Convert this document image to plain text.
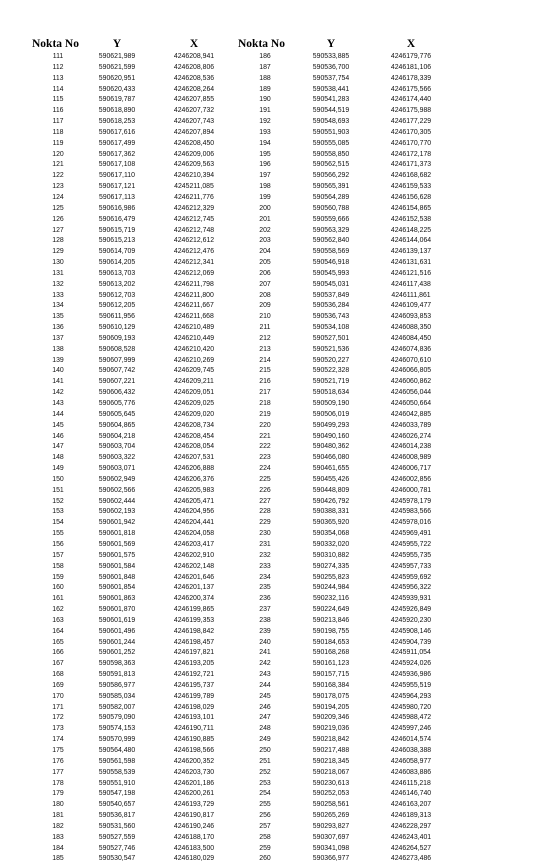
Nokta No	Y	X
111	590621,989	4246208,941
112	590621,599	4246208,806
113	590620,951	4246208,536
114	590620,433	4246208,264
115	590619,787	4246207,855
116	590618,890	4246207,732
117	590618,253	4246207,743
118	590617,616	4246207,894
119	590617,499	4246208,450
120	590617,362	4246209,006
121	590617,108	4246209,563
122	590617,110	4246210,394
123	590617,121	4245211,085
124	590617,113	4246211,776
125	590616,986	4246212,329
126	590616,479	4246212,745
127	590615,719	4246212,748
128	590615,213	4246212,612
129	590614,709	4246212,476
130	590614,205	4246212,341
131	590613,703	4246212,069
132	590613,202	4246211,798
133	590612,703	4246211,800
134	590612,205	4246211,667
135	590611,956	4246211,668
136	590610,129	4246210,489
137	590609,193	4246210,449
138	590608,528	4246210,420
139	590607,999	4246210,269
140	590607,742	4246209,745
141	590607,221	4246209,211
142	590606,432	4246209,051
143	590605,776	4246209,025
144	590605,645	4246209,020
145	590604,865	4246208,734
146	590604,218	4246208,454
147	590603,704	4246208,054
148	590603,322	4246207,531
149	590603,071	4246206,888
150	590602,949	4246206,376
151	590602,566	4246205,983
152	590602,444	4246205,471
153	590602,193	4246204,956
154	590601,942	4246204,441
155	590601,818	4246204,058
156	590601,569	4246203,417
157	590601,575	4246202,910
158	590601,584	4246202,148
159	590601,848	4246201,646
160	590601,854	4246201,137
161	590601,863	4246200,374
162	590601,870	4246199,865
163	590601,619	4246199,353
164	590601,496	4246198,842
165	590601,244	4246198,457
166	590601,252	4246197,821
167	590598,363	4246193,205
168	590591,813	4246192,721
169	590586,977	4246195,737
170	590585,034	4246199,789
171	590582,007	4246198,029
172	590579,090	4246193,101
173	590574,153	4246190,711
174	590570,999	4246190,885
175	590564,480	4246198,566
176	590561,598	4246200,352
177	590558,539	4246203,730
178	590551,910	4246201,186
179	590547,198	4246200,261
180	590540,657	4246193,729
181	590536,817	4246190,817
182	590531,560	4246190,246
183	590527,559	4246188,170
184	590527,746	4246183,500
185	590530,547	4246180,029
Nokta No	Y	X
186	590533,885	4246179,776
187	590536,700	4246181,106
188	590537,754	4246178,339
189	590538,441	4246175,566
190	590541,283	4246174,440
191	590544,519	4246175,988
192	590548,693	4246177,229
193	590551,903	4246170,305
194	590555,085	4246170,770
195	590558,850	4246172,178
196	590562,515	4246171,373
197	590566,292	4246168,682
198	590565,391	4246159,533
199	590564,289	4246156,628
200	590560,788	4246154,865
201	590559,666	4246152,538
202	590563,329	4246148,225
203	590562,840	4246144,064
204	590558,569	4246139,137
205	590546,918	4246131,631
206	590545,993	4246121,516
207	590545,031	4246117,438
208	590537,849	4246111,861
209	590536,284	4246109,477
210	590536,743	4246093,853
211	590534,108	4246088,350
212	590527,501	4246084,450
213	590521,536	4246074,836
214	590520,227	4246070,610
215	590522,328	4246066,805
216	590521,719	4246060,862
217	590518,634	4246056,044
218	590509,190	4246050,664
219	590506,019	4246042,885
220	590499,293	4246033,789
221	590490,160	4246026,274
222	590480,362	4246014,238
223	590466,080	4246008,989
224	590461,655	4246006,717
225	590455,426	4246002,856
226	590448,809	4246000,781
227	590426,792	4245978,179
228	590388,331	4245983,566
229	590365,920	4245978,016
230	590354,068	4245969,491
231	590332,020	4245955,722
232	590310,882	4245955,735
233	590274,335	4245957,733
234	590255,823	4245959,692
235	590244,984	4245956,322
236	590232,116	4245939,931
237	590224,649	4245926,849
238	590213,846	4245920,230
239	590198,755	4245908,146
240	590184,653	4245904,739
241	590168,268	4245911,054
242	590161,123	4245924,026
243	590157,715	4245936,986
244	590168,384	4245955,519
245	590178,075	4245964,293
246	590194,205	4245980,720
247	590209,346	4245988,472
248	590219,036	4245997,246
249	590218,842	4246014,574
250	590217,488	4246038,388
251	590218,345	4246058,977
252	590218,067	4246083,886
253	590230,613	4246115,218
254	590252,053	4246146,740
255	590258,561	4246163,207
256	590265,269	4246189,313
257	590293,827	4246228,297
258	590307,697	4246243,401
259	590341,098	4246264,527
260	590366,977	4246273,486
